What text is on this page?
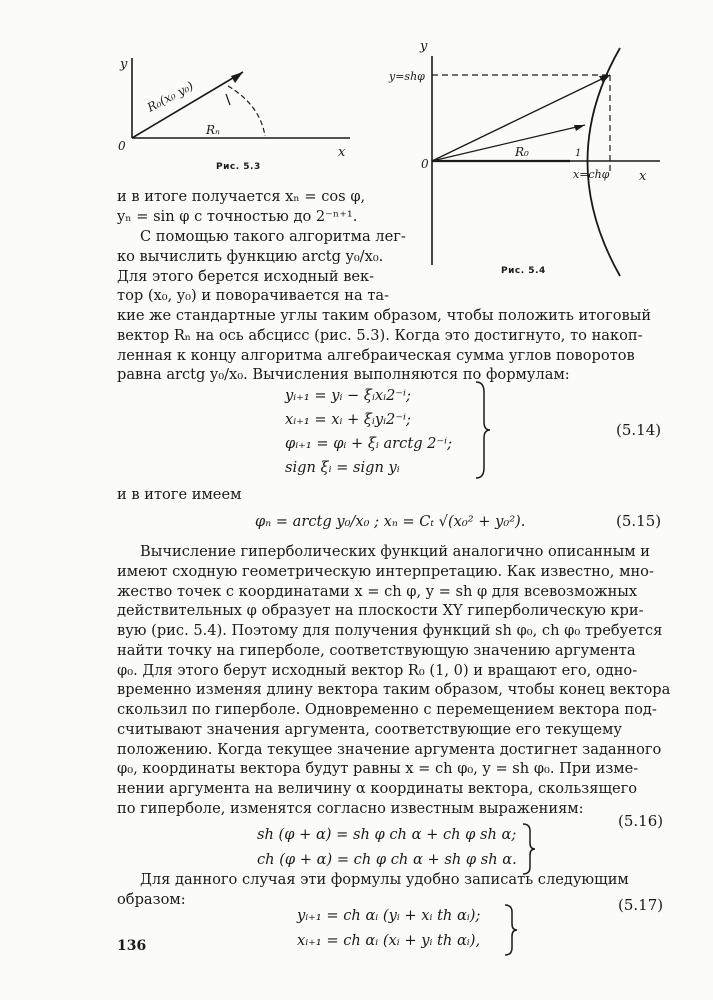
y
x
0
R₀(x₀ y₀)
Rₙ
Рис. 5.3
y
x
0
y=shφ
x=chφ
R₀	1
Рис. 5.4
и в итоге получается xₙ = cos φ,
yₙ = sin φ с точностью до 2⁻ⁿ⁺¹.
С помощью такого алгоритма лег-
ко вычислить функцию arctg y₀/x₀.
Для этого берется исходный век-
тор (x₀, y₀) и поворачивается на та-
кие же стандартные углы таким образом, чтобы положить итоговый
вектор Rₙ на ось абсцисс (рис. 5.3). Когда это достигнуто, то накоп-
ленная к концу алгоритма алгебраическая сумма углов поворотов
равна arctg y₀/x₀. Вычисления выполняются по формулам:
yᵢ₊₁ = yᵢ − ξᵢxᵢ2⁻ⁱ;
xᵢ₊₁ = xᵢ + ξᵢyᵢ2⁻ⁱ;
φᵢ₊₁ = φᵢ + ξᵢ arctg 2⁻ⁱ;
sign ξᵢ = sign yᵢ
(5.14)
и в итоге имеем
φₙ = arctg y₀/x₀ ; xₙ = Cₜ √(x₀² + y₀²).	(5.15)
Вычисление гиперболических функций аналогично описанным и
имеют сходную геометрическую интерпретацию. Как известно, мно-
жество точек с координатами x = ch φ, y = sh φ для всевозможных
действительных φ образует на плоскости XY гиперболическую кри-
вую (рис. 5.4). Поэтому для получения функций sh φ₀, ch φ₀ требуется
найти точку на гиперболе, соответствующую значению аргумента
φ₀. Для этого берут исходный вектор R₀ (1, 0) и вращают его, одно-
временно изменяя длину вектора таким образом, чтобы конец вектора
скользил по гиперболе. Одновременно с перемещением вектора под-
считывают значения аргумента, соответствующие его текущему
положению. Когда текущее значение аргумента достигнет заданного
φ₀, координаты вектора будут равны x = ch φ₀, y = sh φ₀. При изме-
нении аргумента на величину α координаты вектора, скользящего
по гиперболе, изменятся согласно известным выражениям:
sh (φ + α) = sh φ ch α + ch φ sh α;
ch (φ + α) = ch φ ch α + sh φ sh α.
(5.16)
Для данного случая эти формулы удобно записать следующим
образом:
yᵢ₊₁ = ch αᵢ (yᵢ + xᵢ th αᵢ);
xᵢ₊₁ = ch αᵢ (xᵢ + yᵢ th αᵢ),
(5.17)
136
